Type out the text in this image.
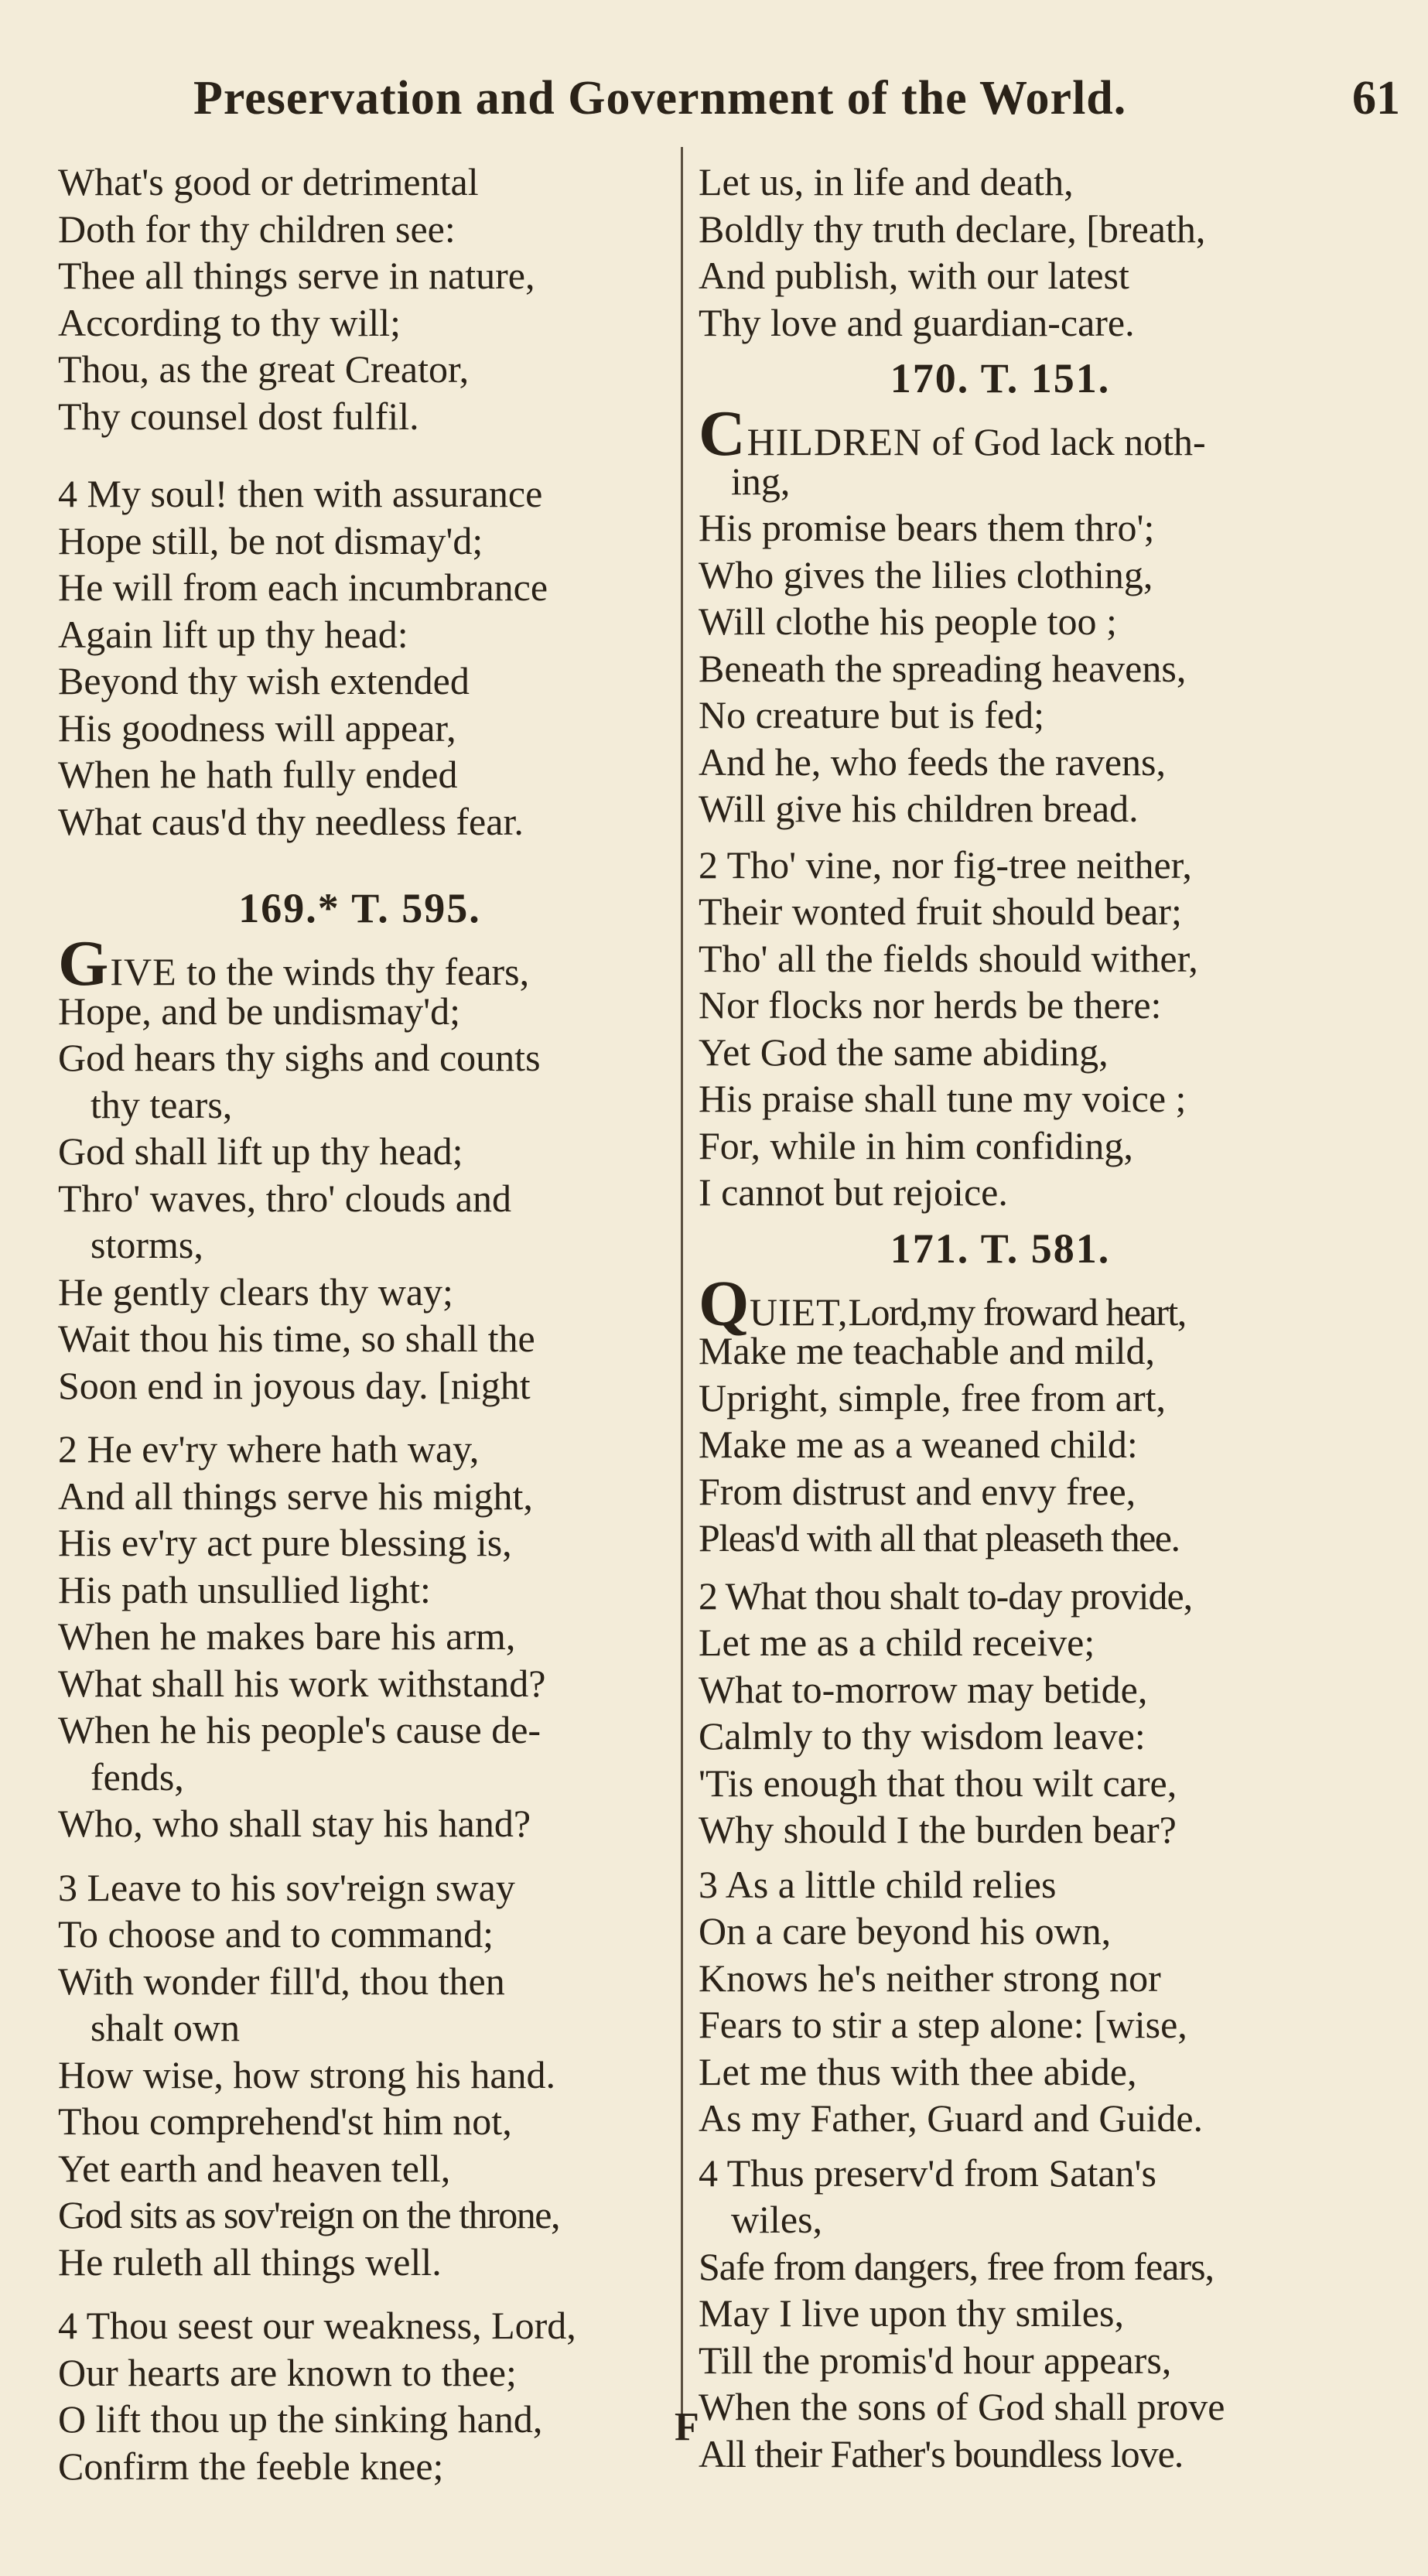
Preservation and Government of the World.	61
What's good or detrimental
Doth for thy children see:
Thee all things serve in nature,
According to thy will;
Thou, as the great Creator,
Thy counsel dost fulfil.
4 My soul! then with assurance
Hope still, be not dismay'd;
He will from each incumbrance
Again lift up thy head:
Beyond thy wish extended
His goodness will appear,
When he hath fully ended
What caus'd thy needless fear.
169.* T. 595.
GIVE to the winds thy fears,
Hope, and be undismay'd;
God hears thy sighs and counts
thy tears,
God shall lift up thy head;
Thro' waves, thro' clouds and
storms,
He gently clears thy way;
Wait thou his time, so shall the
Soon end in joyous day. [night
2 He ev'ry where hath way,
And all things serve his might,
His ev'ry act pure blessing is,
His path unsullied light:
When he makes bare his arm,
What shall his work withstand?
When he his people's cause de-
fends,
Who, who shall stay his hand?
3 Leave to his sov'reign sway
To choose and to command;
With wonder fill'd, thou then
shalt own
How wise, how strong his hand.
Thou comprehend'st him not,
Yet earth and heaven tell,
God sits as sov'reign on the throne,
He ruleth all things well.
4 Thou seest our weakness, Lord,
Our hearts are known to thee;
O lift thou up the sinking hand,
Confirm the feeble knee;
Let us, in life and death,
Boldly thy truth declare, [breath,
And publish, with our latest
Thy love and guardian-care.
170. T. 151.
CHILDREN of God lack noth-
ing,
His promise bears them thro';
Who gives the lilies clothing,
Will clothe his people too ;
Beneath the spreading heavens,
No creature but is fed;
And he, who feeds the ravens,
Will give his children bread.
2 Tho' vine, nor fig-tree neither,
Their wonted fruit should bear;
Tho' all the fields should wither,
Nor flocks nor herds be there:
Yet God the same abiding,
His praise shall tune my voice ;
For, while in him confiding,
I cannot but rejoice.
171. T. 581.
QUIET,Lord,my froward heart,
Make me teachable and mild,
Upright, simple, free from art,
Make me as a weaned child:
From distrust and envy free,
Pleas'd with all that pleaseth thee.
2 What thou shalt to-day provide,
Let me as a child receive;
What to-morrow may betide,
Calmly to thy wisdom leave:
'Tis enough that thou wilt care,
Why should I the burden bear?
3 As a little child relies
On a care beyond his own,
Knows he's neither strong nor
Fears to stir a step alone: [wise,
Let me thus with thee abide,
As my Father, Guard and Guide.
4 Thus preserv'd from Satan's
wiles,
Safe from dangers, free from fears,
May I live upon thy smiles,
Till the promis'd hour appears,
When the sons of God shall prove
All their Father's boundless love.
F
